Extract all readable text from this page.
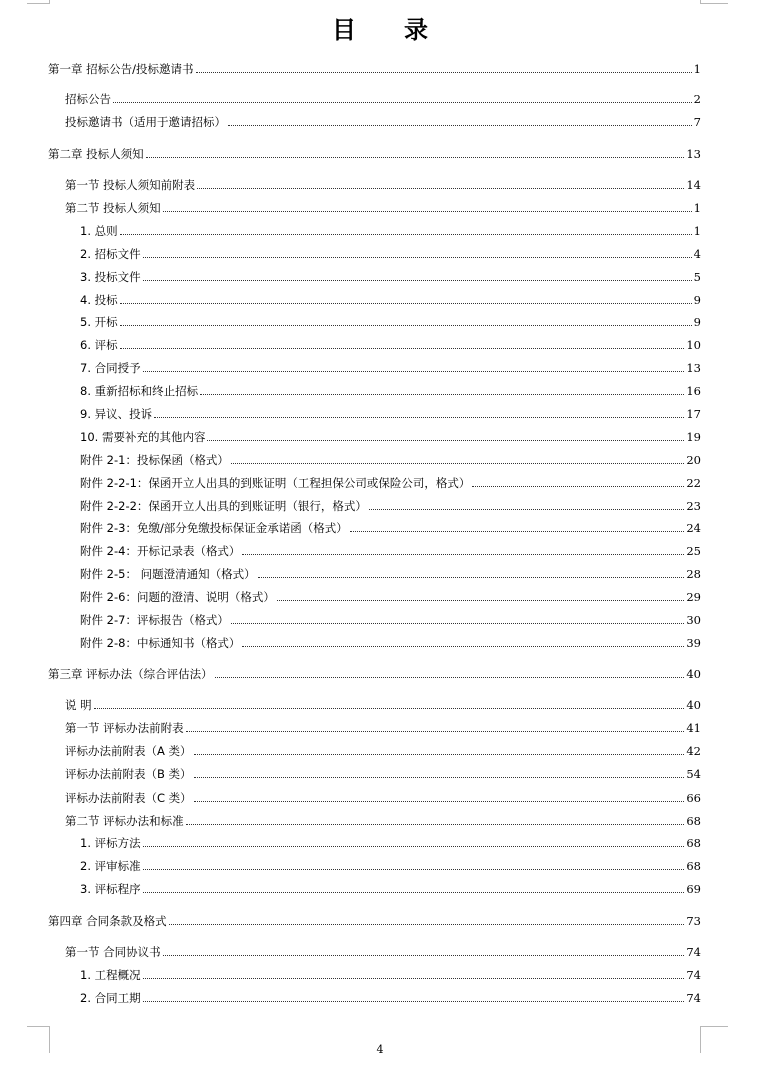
目　　录
第一章 招标公告/投标邀请书	1
招标公告	2
投标邀请书（适用于邀请招标）	7
第二章 投标人须知	13
第一节 投标人须知前附表	14
第二节 投标人须知	1
1. 总则	1
2. 招标文件	4
3. 投标文件	5
4. 投标	9
5. 开标	9
6. 评标	10
7. 合同授予	13
8. 重新招标和终止招标	16
9. 异议、投诉	17
10. 需要补充的其他内容	19
附件 2-1：投标保函（格式）	20
附件 2-2-1：保函开立人出具的到账证明（工程担保公司或保险公司，格式）	22
附件 2-2-2：保函开立人出具的到账证明（银行，格式）	23
附件 2-3：免缴/部分免缴投标保证金承诺函（格式）	24
附件 2-4：开标记录表（格式）	25
附件 2-5： 问题澄清通知（格式）	28
附件 2-6：问题的澄清、说明（格式）	29
附件 2-7：评标报告（格式）	30
附件 2-8：中标通知书（格式）	39
第三章 评标办法（综合评估法）	40
说 明	40
第一节 评标办法前附表	41
评标办法前附表（A 类）	42
评标办法前附表（B 类）	54
评标办法前附表（C 类）	66
第二节 评标办法和标准	68
1. 评标方法	68
2. 评审标准	68
3. 评标程序	69
第四章 合同条款及格式	73
第一节 合同协议书	74
1. 工程概况	74
2. 合同工期	74
4
